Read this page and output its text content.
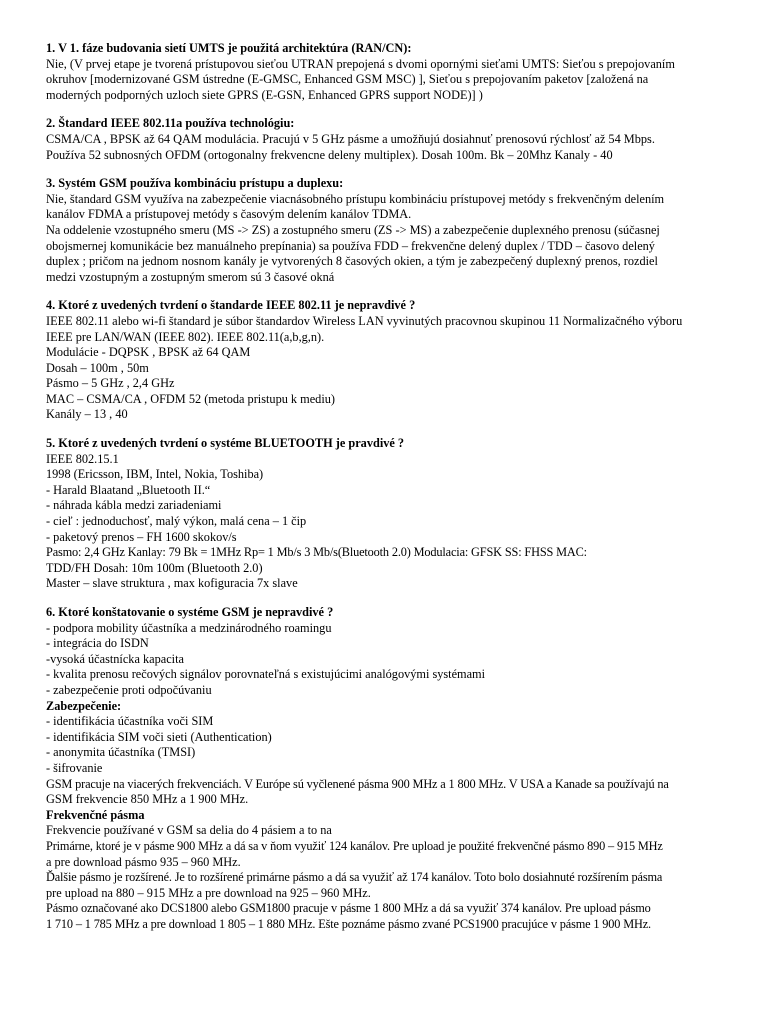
1. V 1. fáze budovania sietí UMTS je použitá architektúra (RAN/CN):

Nie, (V prvej etape je tvorená prístupovou sieťou UTRAN prepojená s dvomi opornými sieťami UMTS: Sieťou s prepojovaním

okruhov [modernizované GSM ústredne (E-GMSC, Enhanced GSM MSC) ], Sieťou s prepojovaním paketov [založená na

moderných podporných uzloch siete GPRS (E-GSN, Enhanced GPRS support NODE)] )

2. Štandard IEEE 802.11a používa technológiu:

CSMA/CA , BPSK až 64 QAM modulácia. Pracujú v 5 GHz pásme a umožňujú dosiahnuť prenosovú rýchlosť až 54 Mbps.

Používa 52 subnosných OFDM (ortogonalny frekvencne deleny multiplex). Dosah 100m. Bk – 20Mhz Kanaly - 40

3. Systém GSM používa kombináciu prístupu a duplexu:

Nie, štandard GSM využíva na zabezpečenie viacnásobného prístupu kombináciu prístupovej metódy s frekvenčným delením

kanálov FDMA a prístupovej metódy s časovým delením kanálov TDMA.

Na oddelenie vzostupného smeru (MS -> ZS) a zostupného smeru (ZS -> MS) a zabezpečenie duplexného prenosu (súčasnej

obojsmernej komunikácie bez manuálneho prepínania) sa používa FDD – frekvenčne delený duplex / TDD – časovo delený

duplex ; pričom na jednom nosnom kanály je vytvorených 8 časových okien, a tým je zabezpečený duplexný prenos, rozdiel

medzi vzostupným a zostupným smerom sú 3 časové okná

4. Ktoré z uvedených tvrdení o štandarde IEEE 802.11 je nepravdivé ?

IEEE 802.11 alebo wi-fi štandard je súbor štandardov Wireless LAN vyvinutých pracovnou skupinou 11 Normalizačného výboru

IEEE pre LAN/WAN (IEEE 802). IEEE 802.11(a,b,g,n).

Modulácie - DQPSK , BPSK až 64 QAM

Dosah – 100m , 50m

Pásmo – 5 GHz , 2,4 GHz

MAC – CSMA/CA , OFDM 52 (metoda pristupu k mediu)

Kanály – 13 , 40

5. Ktoré z uvedených tvrdení o systéme BLUETOOTH je pravdivé ?

IEEE 802.15.1

1998 (Ericsson, IBM, Intel, Nokia, Toshiba)

- Harald Blaatand „Bluetooth II.“

- náhrada kábla medzi zariadeniami

- cieľ : jednoduchosť, malý výkon, malá cena – 1 čip

- paketový prenos – FH 1600 skokov/s

Pasmo: 2,4 GHz Kanlay: 79 Bk = 1MHz Rp= 1 Mb/s 3 Mb/s(Bluetooth 2.0) Modulacia: GFSK SS: FHSS MAC:

TDD/FH Dosah: 10m 100m (Bluetooth 2.0)

Master – slave struktura , max kofiguracia 7x slave

6. Ktoré konštatovanie o systéme GSM je nepravdivé ?

- podpora mobility účastníka a medzinárodného roamingu

- integrácia do ISDN

-vysoká účastnícka kapacita

- kvalita prenosu rečových signálov porovnateľná s existujúcimi analógovými systémami

- zabezpečenie proti odpočúvaniu

Zabezpečenie:

- identifikácia účastníka voči SIM

- identifikácia SIM voči sieti (Authentication)

- anonymita účastníka (TMSI)

- šifrovanie

GSM pracuje na viacerých frekvenciách. V Európe sú vyčlenené pásma 900 MHz a 1 800 MHz. V USA a Kanade sa používajú na

GSM frekvencie 850 MHz a 1 900 MHz.

Frekvenčné pásma

Frekvencie používané v GSM sa delia do 4 pásiem a to na

Primárne, ktoré je v pásme 900 MHz a dá sa v ňom využiť 124 kanálov. Pre upload je použité frekvenčné pásmo 890 – 915 MHz

a pre download pásmo 935 – 960 MHz.

Ďalšie pásmo je rozšírené. Je to rozšírené primárne pásmo a dá sa využiť až 174 kanálov. Toto bolo dosiahnuté rozšírením pásma

pre upload na 880 – 915 MHz a pre download na 925 – 960 MHz.

Pásmo označované ako DCS1800 alebo GSM1800 pracuje v pásme 1 800 MHz a dá sa využiť 374 kanálov. Pre upload pásmo

1 710 – 1 785 MHz a pre download 1 805 – 1 880 MHz. Ešte poznáme pásmo zvané PCS1900 pracujúce v pásme 1 900 MHz.
